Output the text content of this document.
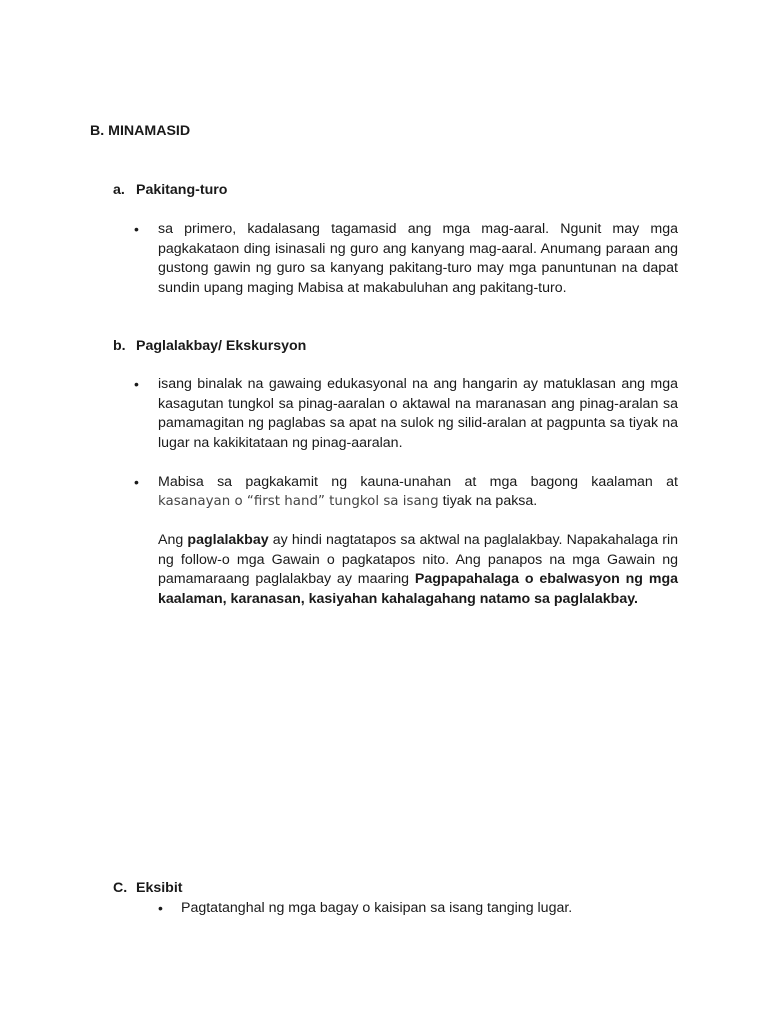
B. MINAMASID
a. Pakitang-turo
• sa primero, kadalasang tagamasid ang mga mag-aaral. Ngunit may mga pagkakataon ding isinasali ng guro ang kanyang mag-aaral. Anumang paraan ang gustong gawin ng guro sa kanyang pakitang-turo may mga panuntunan na dapat sundin upang maging Mabisa at makabuluhan ang pakitang-turo.
b. Paglalakbay/ Ekskursyon
• isang binalak na gawaing edukasyonal na ang hangarin ay matuklasan ang mga kasagutan tungkol sa pinag-aaralan o aktawal na maranasan ang pinag-aralan sa pamamagitan ng paglabas sa apat na sulok ng silid-aralan at pagpunta sa tiyak na lugar na kakikitataan ng pinag-aaralan.
• Mabisa sa pagkakamit ng kauna-unahan at mga bagong kaalaman at
kasanayan o “first hand” tungkol sa isang tiyak na paksa.

Ang paglalakbay ay hindi nagtatapos sa aktwal na paglalakbay. Napakahalaga rin ng follow-o mga Gawain o pagkatapos nito. Ang panapos na mga Gawain ng pamamaraang paglalakbay ay maaring Pagpapahalaga o ebalwasyon ng mga kaalaman, karanasan, kasiyahan kahalagahang natamo sa paglalakbay.

C. Eksibit
• Pagtatanghal ng mga bagay o kaisipan sa isang tanging lugar.
